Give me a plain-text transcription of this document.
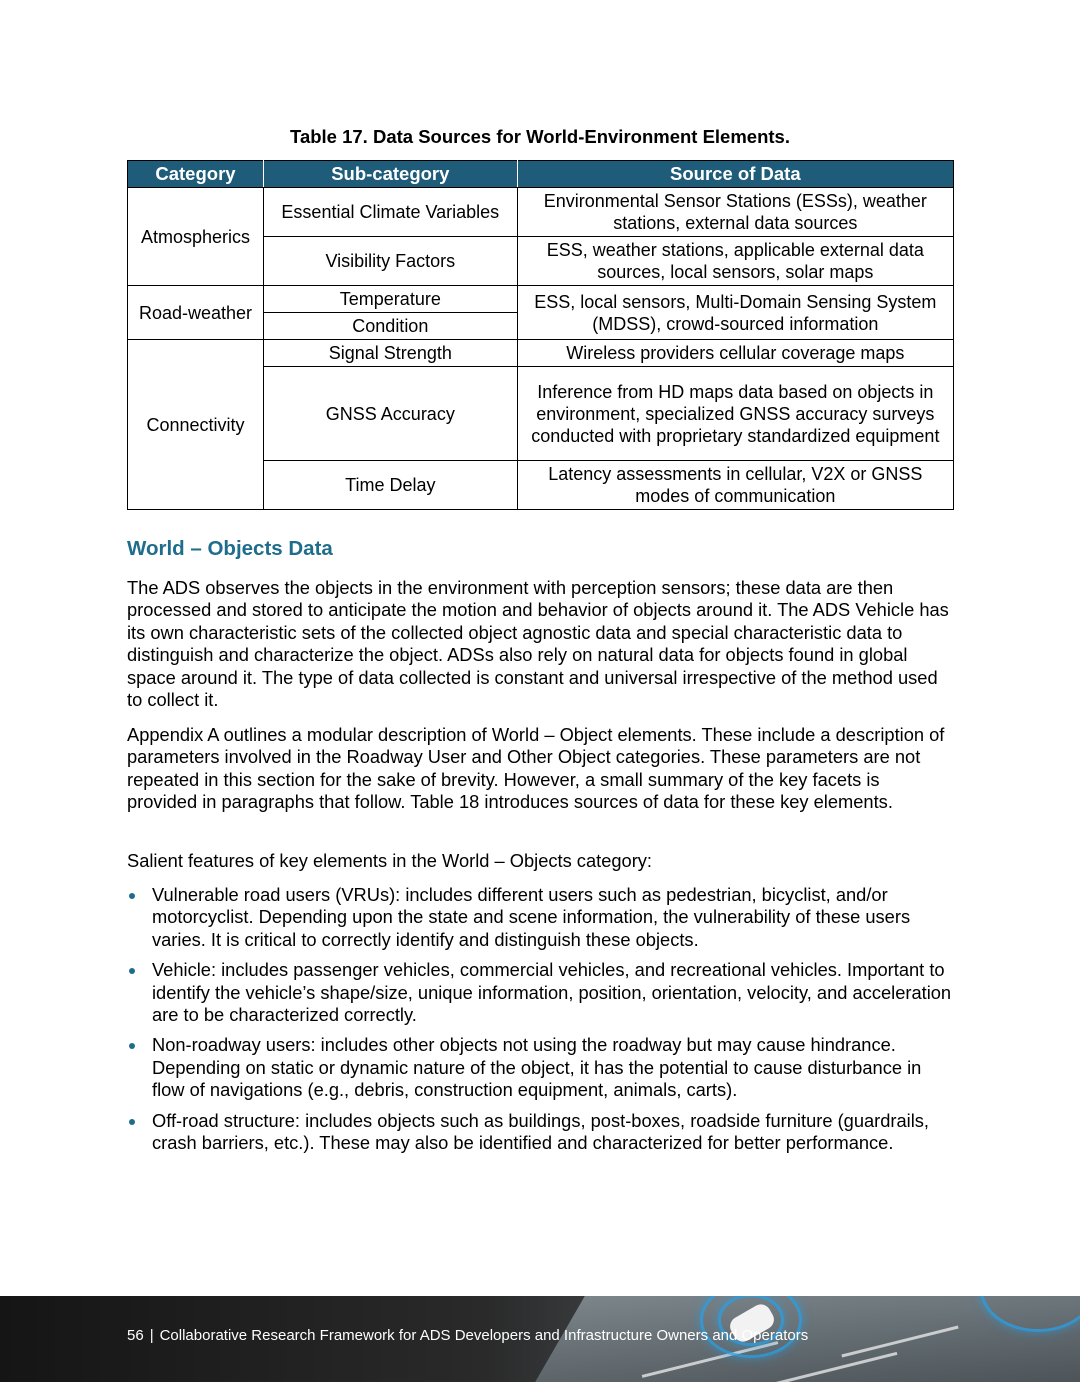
Table 17. Data Sources for World-Environment Elements.
Category	Sub-category	Source of Data
Atmospherics	Essential Climate Variables	Environmental Sensor Stations (ESSs), weather stations, external data sources
	Visibility Factors	ESS, weather stations, applicable external data sources, local sensors, solar maps
Road-weather	Temperature	ESS, local sensors, Multi-Domain Sensing System (MDSS), crowd-sourced information
	Condition	
Connectivity	Signal Strength	Wireless providers cellular coverage maps
	GNSS Accuracy	Inference from HD maps data based on objects in environment, specialized GNSS accuracy surveys conducted with proprietary standardized equipment
	Time Delay	Latency assessments in cellular, V2X or GNSS modes of communication
World – Objects Data

The ADS observes the objects in the environment with perception sensors; these data are then processed and stored to anticipate the motion and behavior of objects around it. The ADS Vehicle has its own characteristic sets of the collected object agnostic data and special characteristic data to distinguish and characterize the object. ADSs also rely on natural data for objects found in global space around it. The type of data collected is constant and universal irrespective of the method used to collect it.

Appendix A outlines a modular description of World – Object elements. These include a description of parameters involved in the Roadway User and Other Object categories. These parameters are not repeated in this section for the sake of brevity. However, a small summary of the key facets is provided in paragraphs that follow. Table 18 introduces sources of data for these key elements.

Salient features of key elements in the World – Objects category:

Vulnerable road users (VRUs): includes different users such as pedestrian, bicyclist, and/or motorcyclist. Depending upon the state and scene information, the vulnerability of these users varies. It is critical to correctly identify and distinguish these objects.
Vehicle: includes passenger vehicles, commercial vehicles, and recreational vehicles. Important to identify the vehicle’s shape/size, unique information, position, orientation, velocity, and acceleration are to be characterized correctly.
Non-roadway users: includes other objects not using the roadway but may cause hindrance. Depending on static or dynamic nature of the object, it has the potential to cause disturbance in flow of navigations (e.g., debris, construction equipment, animals, carts).
Off-road structure: includes objects such as buildings, post-boxes, roadside furniture (guardrails, crash barriers, etc.). These may also be identified and characterized for better performance.
56 | Collaborative Research Framework for ADS Developers and Infrastructure Owners and Operators
